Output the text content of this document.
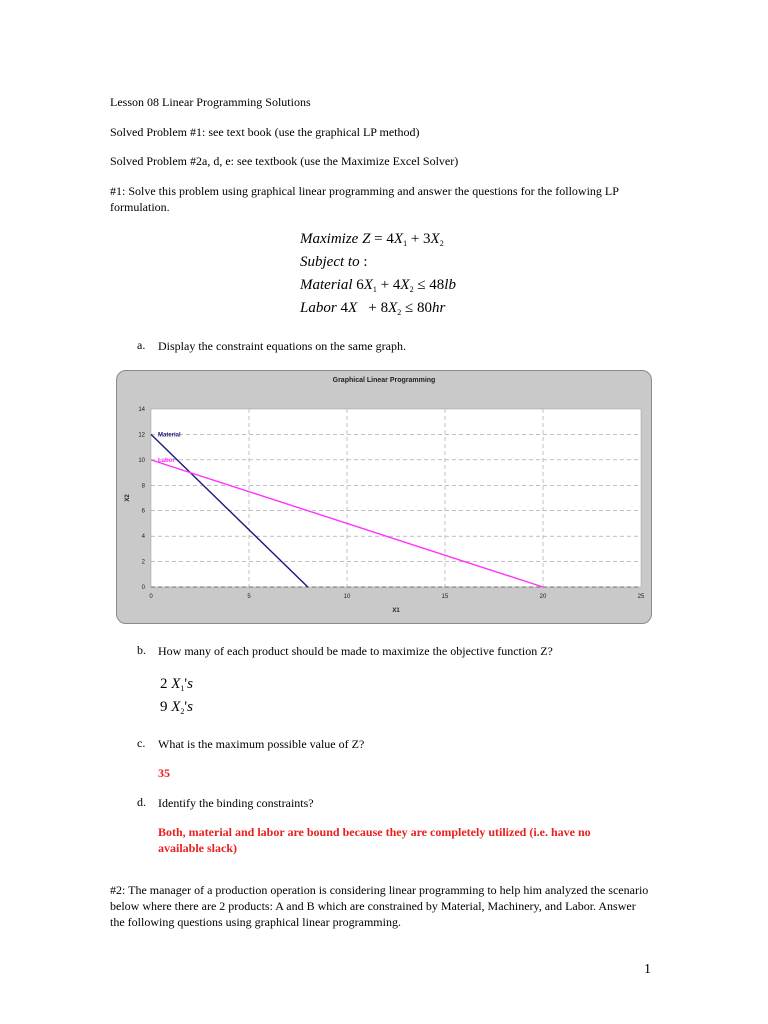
Lesson 08 Linear Programming Solutions
Solved Problem #1: see text book (use the graphical LP method)
Solved Problem #2a, d, e: see textbook (use the Maximize Excel Solver)
#1: Solve this problem using graphical linear programming and answer the questions for the following LP formulation.
Maximize $Z = 4X_1 + 3X_2$
Subject to :
Material $6X_1 + 4X_2 \le 48lb$
Labor $4X + 8X_2 \le 80hr$
a. Display the constraint equations on the same graph.
Graphical Linear Programming
0
2
4
6
8
10
12
14
0	5	10	15	20	25
Material
Labor
X1
X2
b. How many of each product should be made to maximize the objective function Z?
2 $X_1's$
9 $X_2's$
c. What is the maximum possible value of Z?
35
d. Identify the binding constraints?
Both, material and labor are bound because they are completely utilized (i.e. have no available slack)
#2: The manager of a production operation is considering linear programming to help him analyzed the scenario below where there are 2 products: A and B which are constrained by Material, Machinery, and Labor. Answer the following questions using graphical linear programming.
1
